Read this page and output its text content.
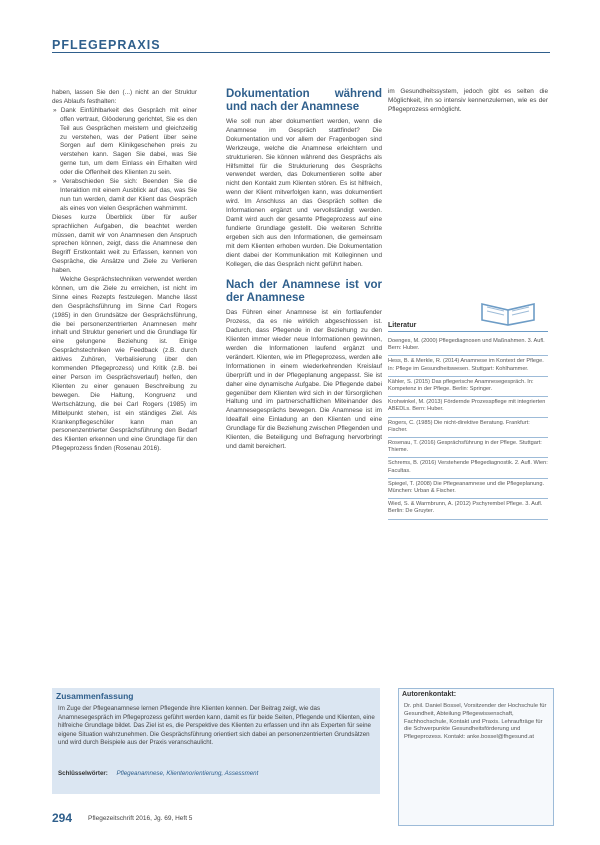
PFLEGEPRAXIS

haben, lassen Sie den (...) nicht an der Struktur des Ablaufs festhalten:

» Dank Einfühlbarkeit des Gespräch mit einer offen vertraut, Glöoderung gerichtet, Sie es den Teil aus Gesprächen meistern und gleichzeitig zu verstehen, was der Patient über seine Sorgen auf dem Klinikgeschehen preis zu verstehen kann. Sagen Sie dabei, was Sie gerne tun, um dem Einlass ein Erhalten wird oder die Offenheit des Klienten zu sein.

» Verabschieden Sie sich: Beenden Sie die Interaktion mit einem Ausblick auf das, was Sie nun tun werden, damit der Klient das Gespräch als eines von vielen Gesprächen wahrnimmt.

Dieses kurze Überblick über für außer sprachlichen Aufgaben, die beachtet werden müssen, damit wir von Anamnesen den Anspruch sprechen können, zeigt, dass die Anamnese den Begriff Erstkontakt weit zu Erfassen, kennen von Gespräche, die Ansätze und Ziele zu Verlieren haben.

Welche Gesprächstechniken verwendet werden können, um die Ziele zu erreichen, ist nicht im Sinne eines Rezepts festzulegen. Manche lässt den Gesprächsführung im Sinne Carl Rogers (1985) in den Grundsätze der Gesprächsführung, die bei personenzentrierten Anamnesen mehr inhalt und Struktur generiert und die Grundlage für eine gelungene Beziehung ist. Einige Gesprächstechniken wie Feedback (z.B. durch aktives Zuhören, Verbalisierung über den kommenden Pflegeprozess) und Kritik (z.B. bei einer Person im Gesprächsverlauf) helfen, den Klienten zu einer genauen Beschreibung zu bewegen. Die Haltung, Kongruenz und Wertschätzung, die bei Carl Rogers (1985) im Mittelpunkt stehen, ist ein ständiges Ziel. Als Krankenpflegeschüler kann man an personenzentrierter Gesprächsführung den Bedarf des Klienten erkennen und eine Grundlage für den Pflegeprozess finden (Rosenau 2016).

Dokumentation während und nach der Anamnese

Wie soll nun aber dokumentiert werden, wenn die Anamnese im Gespräch stattfindet? Die Dokumentation und vor allem der Fragenbogen sind Werkzeuge, welche die Anamnese erleichtern und strukturieren. Sie können während des Gesprächs als Hilfsmittel für die Strukturierung des Gesprächs verwendet werden, das Dokumentieren sollte aber nicht den Kontakt zum Klienten stören. Es ist hilfreich, wenn der Klient mitverfolgen kann, was dokumentiert wird. Im Anschluss an das Gespräch sollten die Informationen ergänzt und vervollständigt werden. Damit wird auch der gesamte Pflegeprozess auf eine fundierte Grundlage gestellt. Die weiteren Schritte ergeben sich aus den Informationen, die gemeinsam mit dem Klienten erhoben wurden. Die Dokumentation dient dabei der Kommunikation mit Kolleginnen und Kollegen, die das Gespräch nicht geführt haben.

Nach der Anamnese ist vor der Anamnese

Das Führen einer Anamnese ist ein fortlaufender Prozess, da es nie wirklich abgeschlossen ist. Dadurch, dass Pflegende in der Beziehung zu den Klienten immer wieder neue Informationen gewinnen, werden die Informationen laufend ergänzt und verändert. Klienten, wie im Pflegeprozess, werden alle Informationen in einem wiederkehrenden Kreislauf überprüft und in der Pflegeplanung angepasst. Sie ist daher eine dynamische Aufgabe. Die Pflegende dabei gegenüber dem Klienten wird sich in der fürsorglichen Haltung und im partnerschaftlichen Miteinander des Anamnesegesprächs bewegen. Die Anamnese ist im Idealfall eine Einladung an den Klienten und eine Grundlage für die Beziehung zwischen Pflegenden und Klienten, die Beteiligung und Befragung hervorbringt und damit bereichert.

im Gesundheitssystem, jedoch gibt es selten die Möglichkeit, ihn so intensiv kennenzulernen, wie es der Pflegeprozess ermöglicht.

Literatur
Doenges, M. (2000) Pflegediagnosen und Maßnahmen. 3. Aufl. Bern: Huber.
Hess, B. & Merkle, R. (2014) Anamnese im Kontext der Pflege. In: Pflege im Gesundheitswesen. Stuttgart: Kohlhammer.
Kähler, S. (2015) Das pflegerische Anamnesegespräch. In: Kompetenz in der Pflege. Berlin: Springer.
Krohwinkel, M. (2013) Fördernde Prozesspflege mit integrierten ABEDLs. Bern: Huber.
Rogers, C. (1985) Die nicht-direktive Beratung. Frankfurt: Fischer.
Rosenau, T. (2016) Gesprächsführung in der Pflege. Stuttgart: Thieme.
Schrems, B. (2016) Verstehende Pflegediagnostik. 2. Aufl. Wien: Facultas.
Spiegel, T. (2008) Die Pflegeanamnese und die Pflegeplanung. München: Urban & Fischer.
Wied, S. & Warmbrunn, A. (2012) Pschyrembel Pflege. 3. Aufl. Berlin: De Gruyter.
Zusammenfassung
Im Zuge der Pflegeanamnese lernen Pflegende ihre Klienten kennen. Der Beitrag zeigt, wie das Anamnesegespräch im Pflegeprozess geführt werden kann, damit es für beide Seiten, Pflegende und Klienten, eine hilfreiche Grundlage bildet. Das Ziel ist es, die Perspektive des Klienten zu erfassen und ihn als Experten für seine eigene Situation wahrzunehmen. Die Gesprächsführung orientiert sich dabei an personenzentrierten Grundsätzen und wird durch Beispiele aus der Praxis veranschaulicht.
Schlüsselwörter: Pflegeanamnese, Klientenorientierung, Assessment
Autorenkontakt:
Dr. phil. Daniel Bossel, Vorsitzender der Hochschule für Gesundheit, Abteilung Pflegewissenschaft, Fachhochschule, Kontakt und Praxis. Lehraufträge für die Schwerpunkte Gesundheitsförderung und Pflegeprozess. Kontakt: anke.bossel@fhgesund.at
294 Pflegezeitschrift 2016, Jg. 69, Heft 5
